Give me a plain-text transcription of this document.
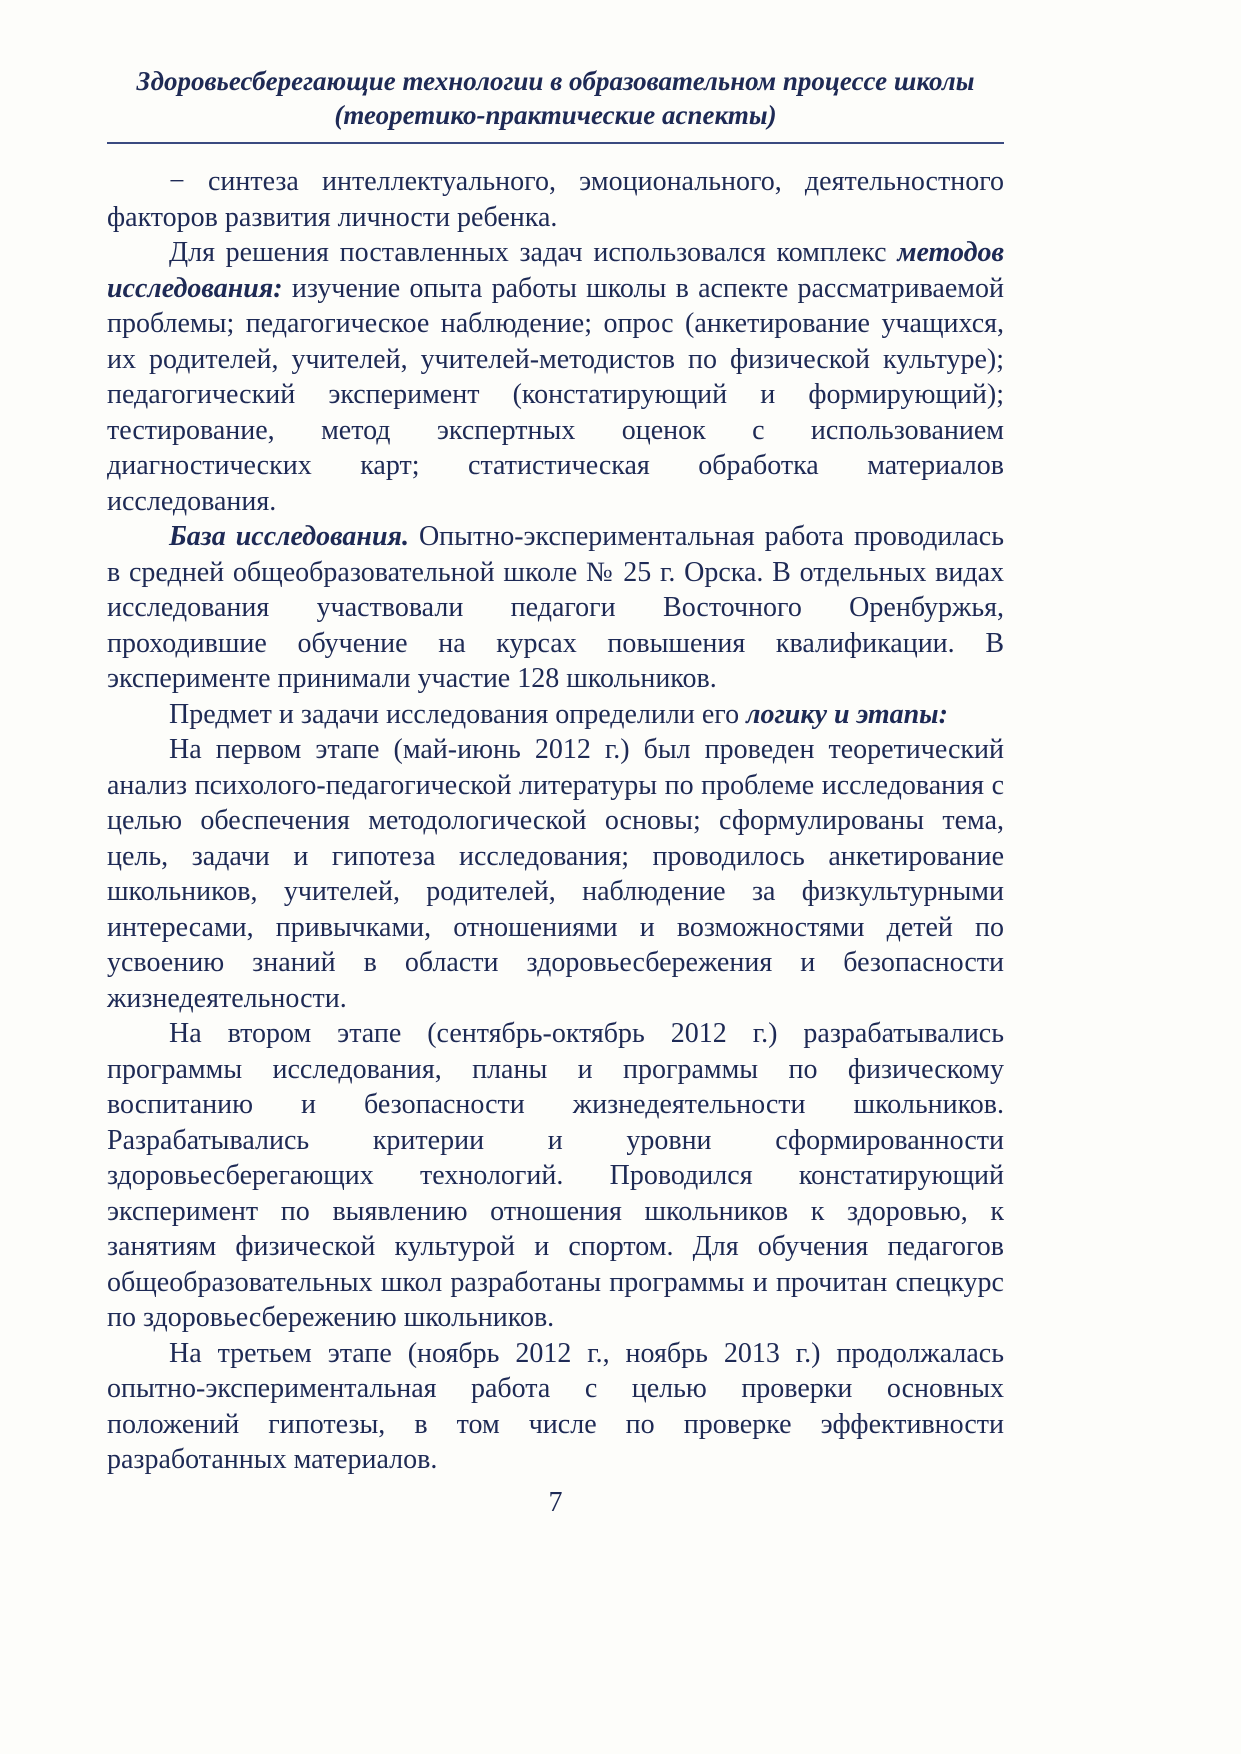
Здоровьесберегающие технологии в образовательном процессе школы
(теоретико-практические аспекты)

− синтеза интеллектуального, эмоционального, деятельностного факторов развития личности ребенка.

Для решения поставленных задач использовался комплекс методов исследования: изучение опыта работы школы в аспекте рассматриваемой проблемы; педагогическое наблюдение; опрос (анкетирование учащихся, их родителей, учителей, учителей-методистов по физической культуре); педагогический эксперимент (констатирующий и формирующий); тестирование, метод экспертных оценок с использованием диагностических карт; статистическая обработка материалов исследования.

База исследования. Опытно-экспериментальная работа проводилась в средней общеобразовательной школе № 25 г. Орска. В отдельных видах исследования участвовали педагоги Восточного Оренбуржья, проходившие обучение на курсах повышения квалификации. В эксперименте принимали участие 128 школьников.

Предмет и задачи исследования определили его логику и этапы:

На первом этапе (май-июнь 2012 г.) был проведен теоретический анализ психолого-педагогической литературы по проблеме исследования с целью обеспечения методологической основы; сформулированы тема, цель, задачи и гипотеза исследования; проводилось анкетирование школьников, учителей, родителей, наблюдение за физкультурными интересами, привычками, отношениями и возможностями детей по усвоению знаний в области здоровьесбережения и безопасности жизнедеятельности.

На втором этапе (сентябрь-октябрь 2012 г.) разрабатывались программы исследования, планы и программы по физическому воспитанию и безопасности жизнедеятельности школьников. Разрабатывались критерии и уровни сформированности здоровьесберегающих технологий. Проводился констатирующий эксперимент по выявлению отношения школьников к здоровью, к занятиям физической культурой и спортом. Для обучения педагогов общеобразовательных школ разработаны программы и прочитан спецкурс по здоровьесбережению школьников.

На третьем этапе (ноябрь 2012 г., ноябрь 2013 г.) продолжалась опытно-экспериментальная работа с целью проверки основных положений гипотезы, в том числе по проверке эффективности разработанных материалов.

7
